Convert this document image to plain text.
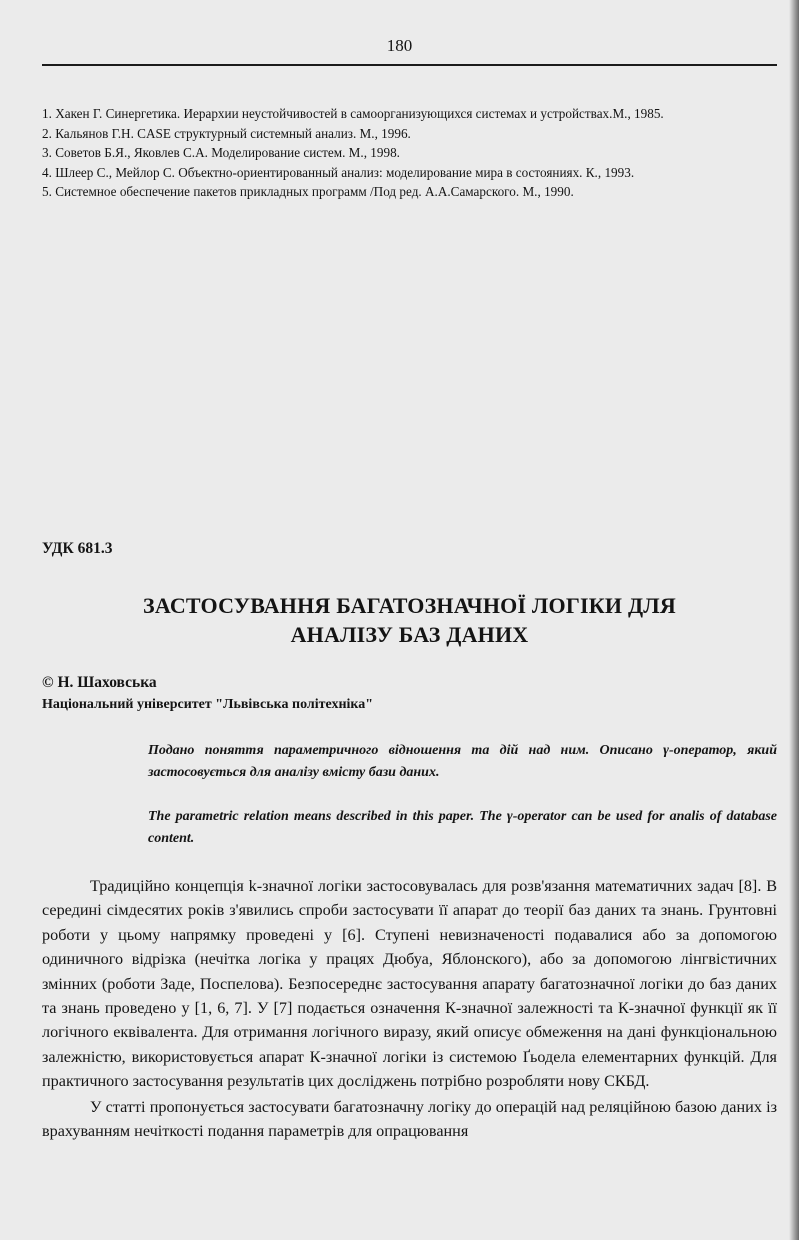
180
1. Хакен Г. Синергетика. Иерархии неустойчивостей в самоорганизующихся системах и устройствах.М., 1985.
2. Кальянов Г.Н. CASE структурный системный анализ. М., 1996.
3. Советов Б.Я., Яковлев С.А. Моделирование систем. М., 1998.
4. Шлеер С., Мейлор С. Объектно-ориентированный анализ: моделирование мира в состояниях. К., 1993.
5. Системное обеспечение пакетов прикладных программ /Под ред. А.А.Самарского. М., 1990.
УДК 681.3
ЗАСТОСУВАННЯ БАГАТОЗНАЧНОЇ ЛОГІКИ ДЛЯ
АНАЛІЗУ БАЗ ДАНИХ
© Н. Шаховська
Національний університет "Львівська політехніка"
Подано поняття параметричного відношення та дій над ним. Описано γ-оператор, який застосовується для аналізу вмісту бази даних.
The parametric relation means described in this paper. The γ-operator can be used for analis of database content.

Традиційно концепція k-значної логіки застосовувалась для розв'язання математичних задач [8]. В середині сімдесятих років з'явились спроби застосувати її апарат до теорії баз даних та знань. Грунтовні роботи у цьому напрямку проведені у [6]. Ступені невизначеності подавалися або за допомогою одиничного відрізка (нечітка логіка у працях Дюбуа, Яблонского), або за допомогою лінгвістичних змінних (роботи Заде, Поспелова). Безпосереднє застосування апарату багатозначної логіки до баз даних та знань проведено у [1, 6, 7]. У [7] подається означення К-значної залежності та К-значної функції як її логічного еквівалента. Для отримання логічного виразу, який описує обмеження на дані функціональною залежністю, використовується апарат К-значної логіки із системою Ґьодела елементарних функцій. Для практичного застосування результатів цих досліджень потрібно розробляти нову СКБД.

У статті пропонується застосувати багатозначну логіку до операцій над реляційною базою даних із врахуванням нечіткості подання параметрів для опрацювання
